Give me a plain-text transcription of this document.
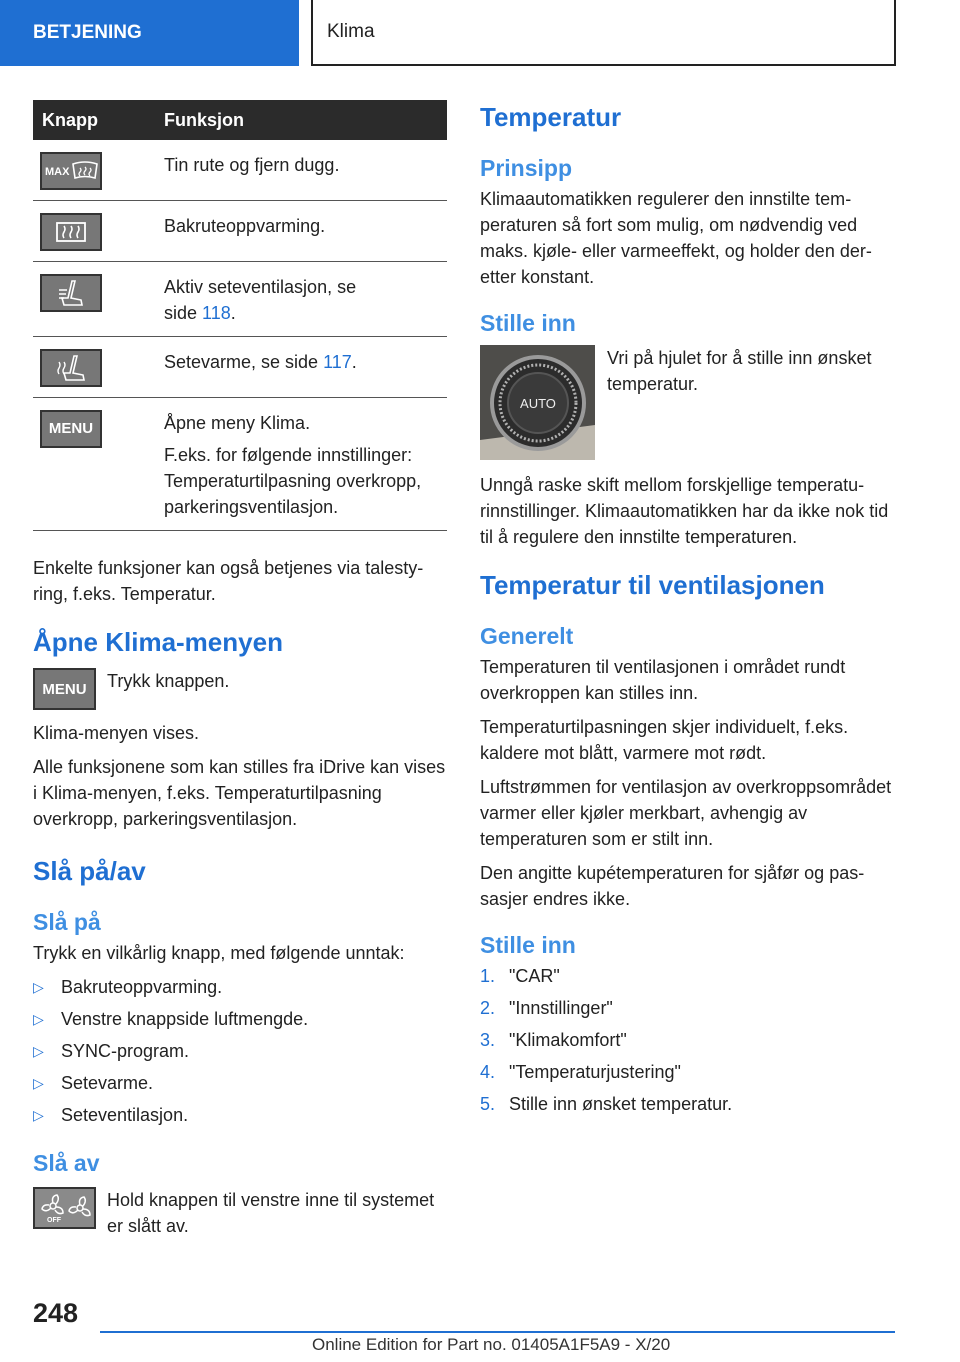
BETJENING	Klima
Knapp	Funksjon

MAX	Tin rute og fjern dugg.

Bakruteoppvarming.

Aktiv seteventilasjon, se
side 118.

Setevarme, se side 117.

MENU	Åpne meny Klima.

F.eks. for følgende innstillinger: Temperaturtilpasning overkropp, parkeringsventilasjon.

Enkelte funksjoner kan også betjenes via talestyring, f.eks. Temperatur.

Åpne Klima-menyen
MENU Trykk knappen.

Klima-menyen vises.

Alle funksjonene som kan stilles fra iDrive kan vises i Klima-menyen, f.eks. Temperaturtilpasning overkropp, parkeringsventilasjon.

Slå på/av
Slå på

Trykk en vilkårlig knapp, med følgende unntak:

▷ Bakruteoppvarming.
▷ Venstre knappside luftmengde.
▷ SYNC-program.
▷ Setevarme.
▷ Seteventilasjon.
Slå av
OFF

Hold knappen til venstre inne til systemet er slått av.

Temperatur
Prinsipp

Klimaautomatikken regulerer den innstilte temperaturen så fort som mulig, om nødvendig ved maks. kjøle- eller varmeeffekt, og holder den deretter konstant.

Stille inn
AUTO

Vri på hjulet for å stille inn ønsket temperatur.

Unngå raske skift mellom forskjellige temperaturinnstillinger. Klimaautomatikken har da ikke nok tid til å regulere den innstilte temperaturen.

Temperatur til ventilasjonen
Generelt

Temperaturen til ventilasjonen i området rundt overkroppen kan stilles inn.

Temperaturtilpasningen skjer individuelt, f.eks. kaldere mot blått, varmere mot rødt.

Luftstrømmen for ventilasjon av overkroppsområdet varmer eller kjøler merkbart, avhengig av temperaturen som er stilt inn.

Den angitte kupétemperaturen for sjåfør og passasjer endres ikke.

Stille inn
1. "CAR"
2. "Innstillinger"
3. "Klimakomfort"
4. "Temperaturjustering"
5. Stille inn ønsket temperatur.
248
Online Edition for Part no. 01405A1F5A9 - X/20
